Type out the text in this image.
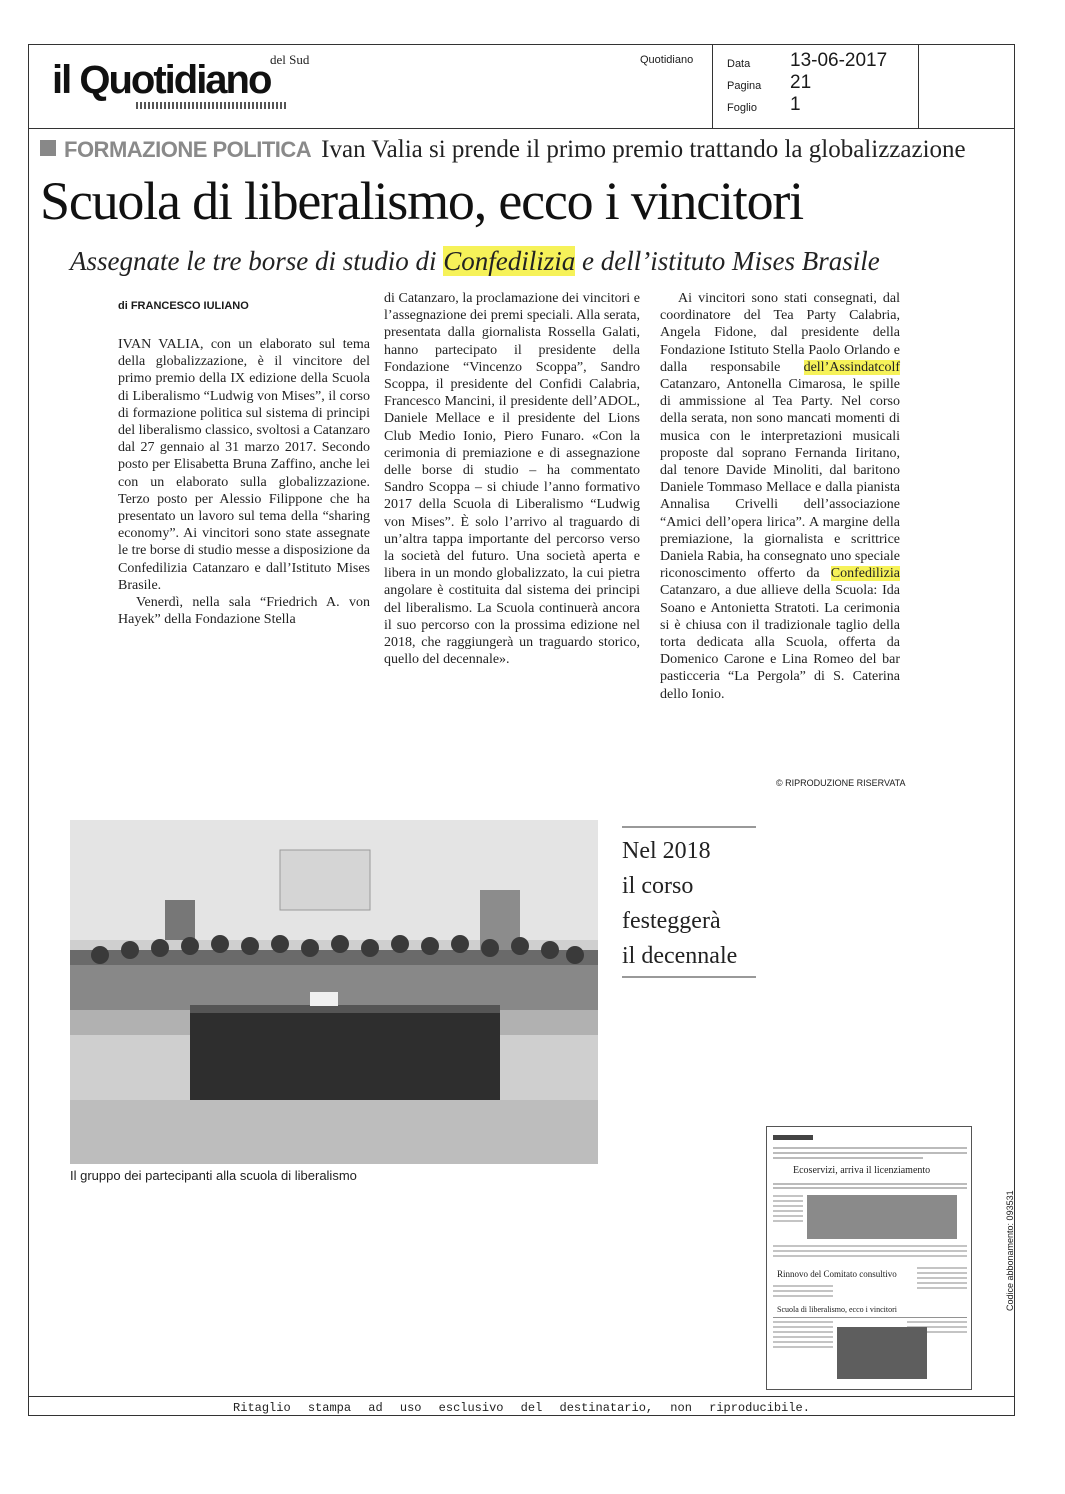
il Quotidiano del Sud	Quotidiano	Data 13-06-2017
Pagina 21
Foglio 1
FORMAZIONE POLITICA Ivan Valia si prende il primo premio trattando la globalizzazione
Scuola di liberalismo, ecco i vincitori
Assegnate le tre borse di studio di Confedilizia e dell’istituto Mises Brasile
di FRANCESCO IULIANO

IVAN VALIA, con un elaborato sul tema della globalizzazione, è il vincitore del primo premio della IX edizione della Scuola di Liberalismo “Ludwig von Mises”, il corso di formazione politica sul sistema di principi del liberalismo classico, svoltosi a Catanzaro dal 27 gennaio al 31 marzo 2017. Secondo posto per Elisabetta Bruna Zaffino, anche lei con un elaborato sulla globalizzazione. Terzo posto per Alessio Filippone che ha presentato un lavoro sul tema della “sharing economy”. Ai vincitori sono state assegnate le tre borse di studio messe a disposizione da Confedilizia Catanzaro e dall’Istituto Mises Brasile.

Venerdì, nella sala “Friedrich A. von Hayek” della Fondazione Stella

di Catanzaro, la proclamazione dei vincitori e l’assegnazione dei premi speciali. Alla serata, presentata dalla giornalista Rossella Galati, hanno partecipato il presidente della Fondazione “Vincenzo Scoppa”, Sandro Scoppa, il presidente del Confidi Calabria, Francesco Mancini, il presidente dell’ADOL, Daniele Mellace e il presidente del Lions Club Medio Ionio, Piero Funaro. «Con la cerimonia di premiazione e di assegnazione delle borse di studio – ha commentato Sandro Scoppa – si chiude l’anno formativo 2017 della Scuola di Liberalismo “Ludwig von Mises”. È solo l’arrivo al traguardo di un’altra tappa importante del percorso verso la società del futuro. Una società aperta e libera in un mondo globalizzato, la cui pietra angolare è costituita dal sistema dei principi del liberalismo. La Scuola continuerà ancora il suo percorso con la prossima edizione nel 2018, che raggiungerà un traguardo storico, quello del decennale».

Ai vincitori sono stati consegnati, dal coordinatore del Tea Party Calabria, Angela Fidone, dal presidente della Fondazione Istituto Stella Paolo Orlando e dalla responsabile dell’Assindatcolf Catanzaro, Antonella Cimarosa, le spille di ammissione al Tea Party. Nel corso della serata, non sono mancati momenti di musica con le interpretazioni musicali proposte dal soprano Fernanda Iiritano, dal tenore Davide Minoliti, dal baritono Daniele Tommaso Mellace e dalla pianista Annalisa Crivelli dell’associazione “Amici dell’opera lirica”. A margine della premiazione, la giornalista e scrittrice Daniela Rabia, ha consegnato uno speciale riconoscimento offerto da Confedilizia Catanzaro, a due allieve della Scuola: Ida Soano e Antonietta Stratoti. La cerimonia si è chiusa con il tradizionale taglio della torta dedicata alla Scuola, offerta da Domenico Carone e Lina Romeo del bar pasticceria “La Pergola” di S. Caterina dello Ionio.

© RIPRODUZIONE RISERVATA
Il gruppo dei partecipanti alla scuola di liberalismo
Nel 2018
il corso
festeggerà
il decennale
Ecoservizi, arriva il licenziamento
Rinnovo del Comitato consultivo
Scuola di liberalismo, ecco i vincitori	Codice abbonamento: 093531
Ritaglio stampa ad uso esclusivo del destinatario, non riproducibile.
